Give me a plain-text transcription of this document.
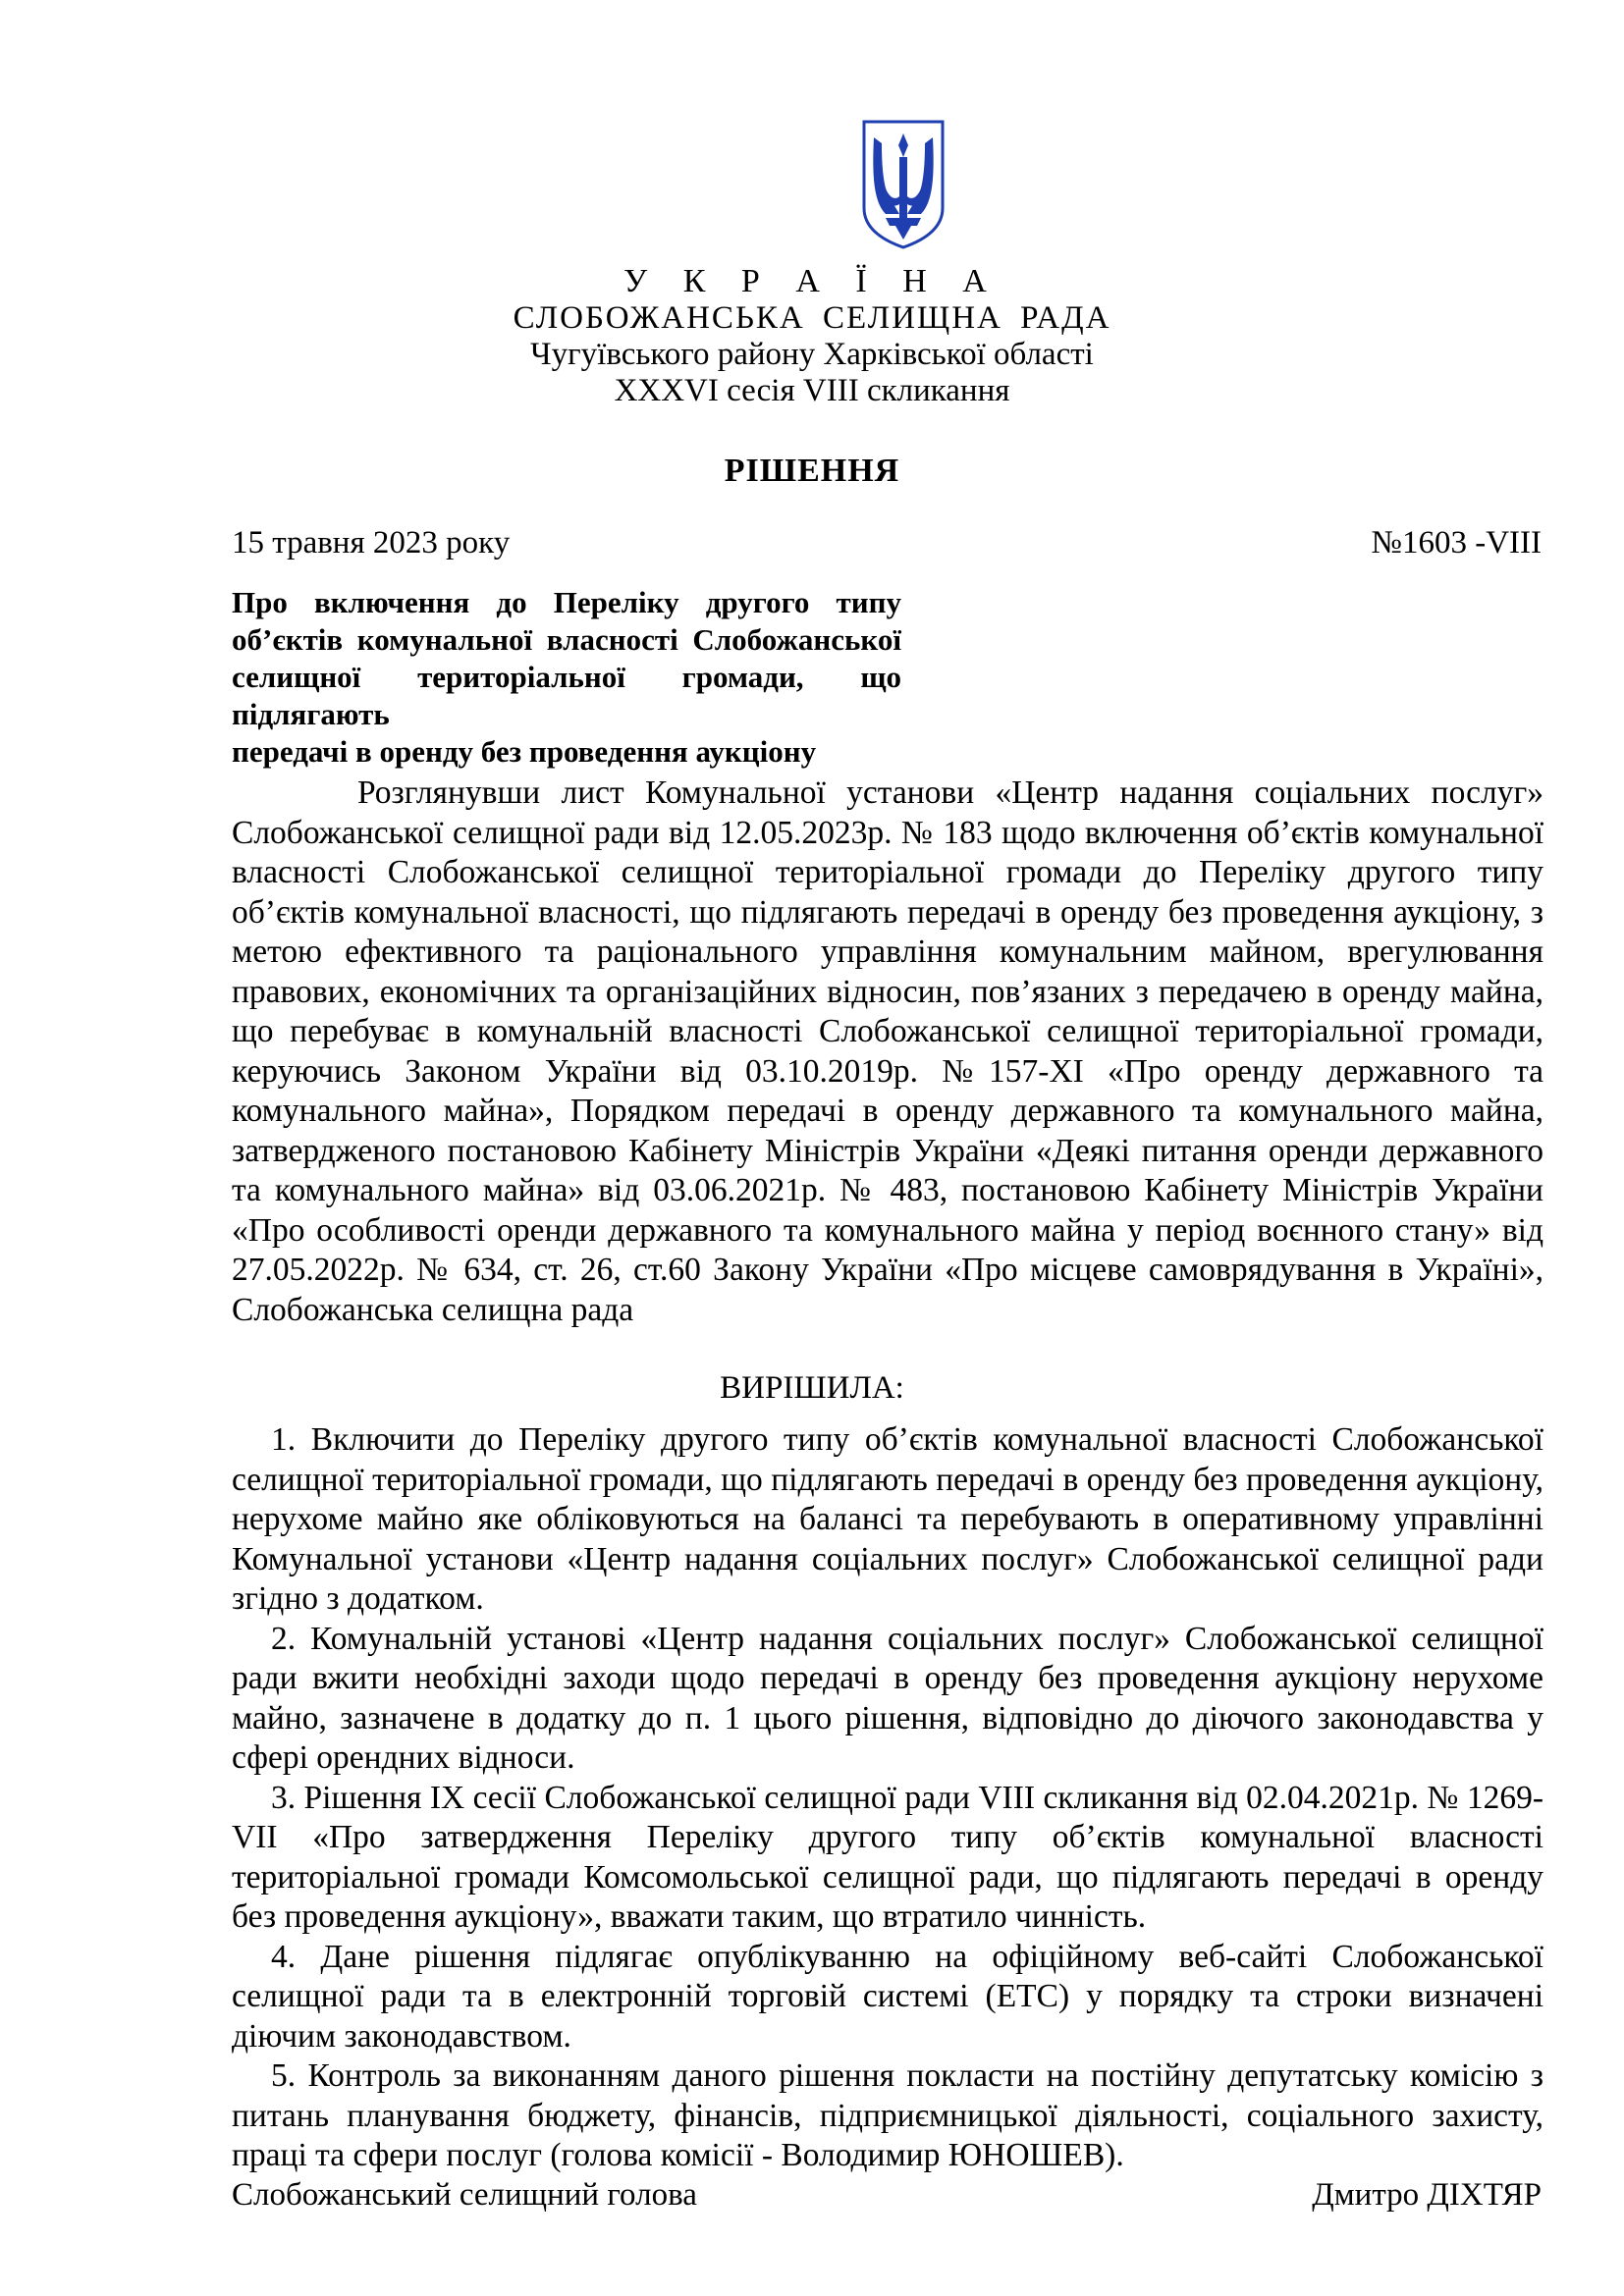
У К Р А Ї Н А
СЛОБОЖАНСЬКА СЕЛИЩНА РАДА
Чугуївського району Харківської області
XXXVI сесія VIII скликання
РІШЕННЯ
15 травня 2023 року	№1603 -VIII
Про включення до Переліку другого типу
об’єктів комунальної власності Слобожанської
селищної територіальної громади, що підлягають
передачі в оренду без проведення аукціону
Розглянувши лист Комунальної установи «Центр надання соціальних послуг» Слобожанської селищної ради від 12.05.2023р. № 183 щодо включення об’єктів комунальної власності Слобожанської селищної територіальної громади до Переліку другого типу об’єктів комунальної власності, що підлягають передачі в оренду без проведення аукціону, з метою ефективного та раціонального управління комунальним майном, врегулювання правових, економічних та організаційних відносин, пов’язаних з передачею в оренду майна, що перебуває в комунальній власності Слобожанської селищної територіальної громади, керуючись Законом України від 03.10.2019р. №157-ХІ «Про оренду державного та комунального майна», Порядком передачі в оренду державного та комунального майна, затвердженого постановою Кабінету Міністрів України «Деякі питання оренди державного та комунального майна» від 03.06.2021р. № 483, постановою Кабінету Міністрів України «Про особливості оренди державного та комунального майна у період воєнного стану» від 27.05.2022р. № 634, ст. 26, ст.60 Закону України «Про місцеве самоврядування в Україні», Слобожанська селищна рада
ВИРІШИЛА:

1. Включити до Переліку другого типу об’єктів комунальної власності Слобожанської селищної територіальної громади, що підлягають передачі в оренду без проведення аукціону, нерухоме майно яке обліковуються на балансі та перебувають в оперативному управлінні Комунальної установи «Центр надання соціальних послуг» Слобожанської селищної ради згідно з додатком.

2. Комунальній установі «Центр надання соціальних послуг» Слобожанської селищної ради вжити необхідні заходи щодо передачі в оренду без проведення аукціону нерухоме майно, зазначене в додатку до п. 1 цього рішення, відповідно до діючого законодавства у сфері орендних відноси.

3. Рішення IX сесії Слобожанської селищної ради VIII скликання від 02.04.2021р. № 1269-VII «Про затвердження Переліку другого типу об’єктів комунальної власності територіальної громади Комсомольської селищної ради, що підлягають передачі в оренду без проведення аукціону», вважати таким, що втратило чинність.

4. Дане рішення підлягає опублікуванню на офіційному веб-сайті Слобожанської селищної ради та в електронній торговій системі (ЕТС) у порядку та строки визначені діючим законодавством.

5. Контроль за виконанням даного рішення покласти на постійну депутатську комісію з питань планування бюджету, фінансів, підприємницької діяльності, соціального захисту, праці та сфери послуг (голова комісії - Володимир ЮНОШЕВ).

Слобожанський селищний голова	Дмитро ДІХТЯР
